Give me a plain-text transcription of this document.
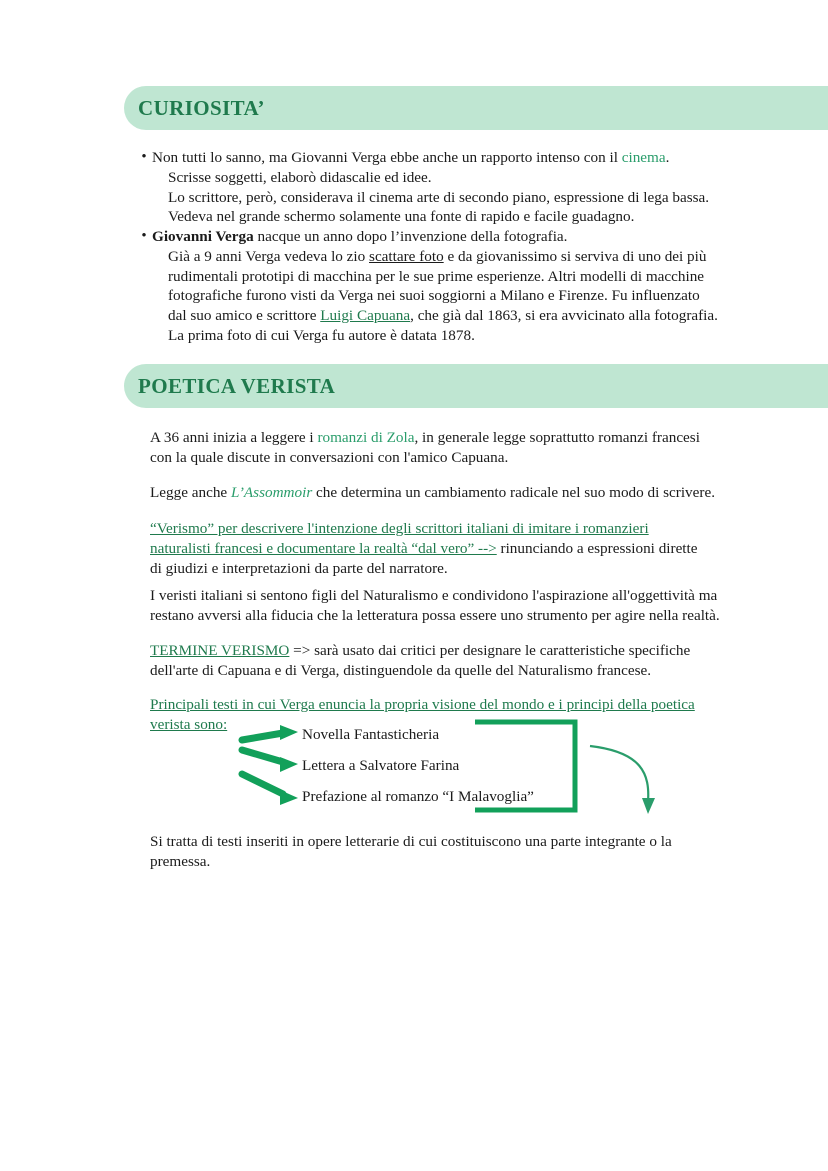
CURIOSITA’
• Non tutti lo sanno, ma Giovanni Verga ebbe anche un rapporto intenso con il cinema.

Scrisse soggetti, elaborò didascalie ed idee.

Lo scrittore, però, considerava il cinema arte di secondo piano, espressione di lega bassa.

Vedeva nel grande schermo solamente una fonte di rapido e facile guadagno.

• Giovanni Verga nacque un anno dopo l’invenzione della fotografia.

Già a 9 anni Verga vedeva lo zio scattare foto e da giovanissimo si serviva di uno dei più

rudimentali prototipi di macchina per le sue prime esperienze. Altri modelli di macchine

fotografiche furono visti da Verga nei suoi soggiorni a Milano e Firenze. Fu influenzato

dal suo amico e scrittore Luigi Capuana, che già dal 1863, si era avvicinato alla fotografia.

La prima foto di cui Verga fu autore è datata 1878.

POETICA VERISTA

A 36 anni inizia a leggere i romanzi di Zola, in generale legge soprattutto romanzi francesi

con la quale discute in conversazioni con l'amico Capuana.

Legge anche L’Assommoir che determina un cambiamento radicale nel suo modo di scrivere.

“Verismo” per descrivere l'intenzione degli scrittori italiani di imitare i romanzieri

naturalisti francesi e documentare la realtà “dal vero” --> rinunciando a espressioni dirette

di giudizi e interpretazioni da parte del narratore.

I veristi italiani si sentono figli del Naturalismo e condividono l'aspirazione all'oggettività ma

restano avversi alla fiducia che la letteratura possa essere uno strumento per agire nella realtà.

TERMINE VERISMO => sarà usato dai critici per designare le caratteristiche specifiche

dell'arte di Capuana e di Verga, distinguendole da quelle del Naturalismo francese.

Principali testi in cui Verga enuncia la propria visione del mondo e i principi della poetica

verista sono:

Novella Fantasticheria
Lettera a Salvatore Farina
Prefazione al romanzo “I Malavoglia”

Si tratta di testi inseriti in opere letterarie di cui costituiscono una parte integrante o la

premessa.
